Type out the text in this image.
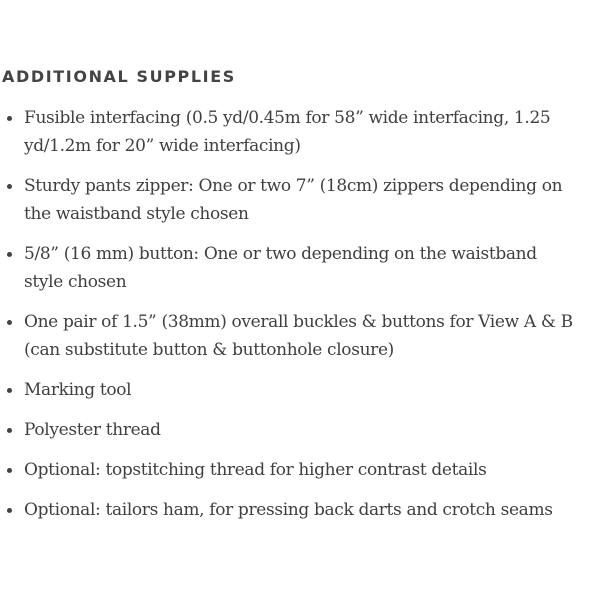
ADDITIONAL SUPPLIES
Fusible interfacing (0.5 yd/0.45m for 58” wide interfacing, 1.25 yd/1.2m for 20” wide interfacing)
Sturdy pants zipper: One or two 7” (18cm) zippers depending on the waistband style chosen
5/8” (16 mm) button: One or two depending on the waistband style chosen
One pair of 1.5” (38mm) overall buckles & buttons for View A & B (can substitute button & buttonhole closure)
Marking tool
Polyester thread
Optional: topstitching thread for higher contrast details
Optional: tailors ham, for pressing back darts and crotch seams
